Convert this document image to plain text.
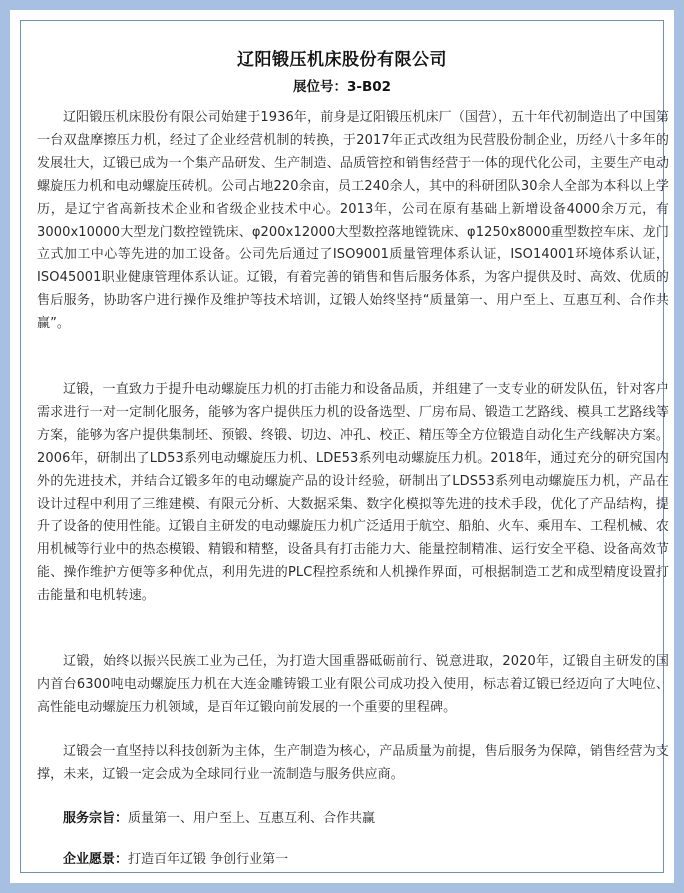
辽阳锻压机床股份有限公司
展位号：3-B02
辽阳锻压机床股份有限公司始建于1936年，前身是辽阳锻压机床厂（国营），五十年代初制造出了中国第一台双盘摩擦压力机，经过了企业经营机制的转换，于2017年正式改组为民营股份制企业，历经八十多年的发展壮大，辽锻已成为一个集产品研发、生产制造、品质管控和销售经营于一体的现代化公司，主要生产电动螺旋压力机和电动螺旋压砖机。公司占地220余亩，员工240余人，其中的科研团队30余人全部为本科以上学历，是辽宁省高新技术企业和省级企业技术中心。2013年，公司在原有基础上新增设备4000余万元，有3000x10000大型龙门数控镗铣床、φ200x12000大型数控落地镗铣床、φ1250x8000重型数控车床、龙门立式加工中心等先进的加工设备。公司先后通过了ISO9001质量管理体系认证，ISO14001环境体系认证，ISO45001职业健康管理体系认证。辽锻，有着完善的销售和售后服务体系，为客户提供及时、高效、优质的售后服务，协助客户进行操作及维护等技术培训，辽锻人始终坚持“质量第一、用户至上、互惠互利、合作共赢”。
辽锻，一直致力于提升电动螺旋压力机的打击能力和设备品质，并组建了一支专业的研发队伍，针对客户需求进行一对一定制化服务，能够为客户提供压力机的设备选型、厂房布局、锻造工艺路线、模具工艺路线等方案，能够为客户提供集制坯、预锻、终锻、切边、冲孔、校正、精压等全方位锻造自动化生产线解决方案。2006年，研制出了LD53系列电动螺旋压力机、LDE53系列电动螺旋压力机。2018年，通过充分的研究国内外的先进技术，并结合辽锻多年的电动螺旋产品的设计经验，研制出了LDS53系列电动螺旋压力机，产品在设计过程中利用了三维建模、有限元分析、大数据采集、数字化模拟等先进的技术手段，优化了产品结构，提升了设备的使用性能。辽锻自主研发的电动螺旋压力机广泛适用于航空、船舶、火车、乘用车、工程机械、农用机械等行业中的热态模锻、精锻和精整，设备具有打击能力大、能量控制精准、运行安全平稳、设备高效节能、操作维护方便等多种优点，利用先进的PLC程控系统和人机操作界面，可根据制造工艺和成型精度设置打击能量和电机转速。
辽锻，始终以振兴民族工业为己任，为打造大国重器砥砺前行、锐意进取，2020年，辽锻自主研发的国内首台6300吨电动螺旋压力机在大连金雕铸锻工业有限公司成功投入使用，标志着辽锻已经迈向了大吨位、高性能电动螺旋压力机领域，是百年辽锻向前发展的一个重要的里程碑。
辽锻会一直坚持以科技创新为主体，生产制造为核心，产品质量为前提，售后服务为保障，销售经营为支撑，未来，辽锻一定会成为全球同行业一流制造与服务供应商。
服务宗旨：质量第一、用户至上、互惠互利、合作共赢
企业愿景：打造百年辽锻 争创行业第一
